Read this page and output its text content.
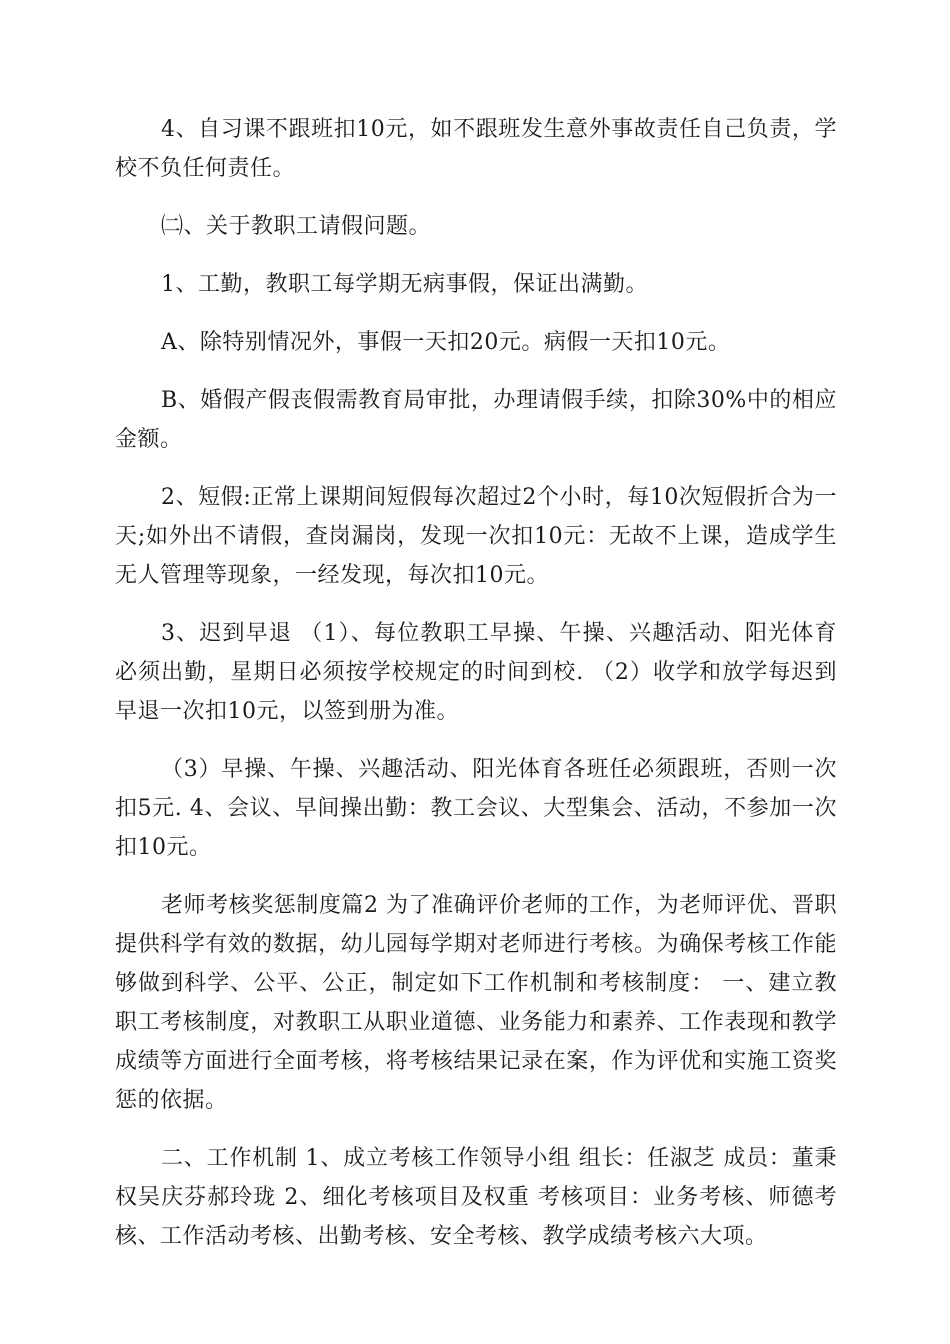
4、自习课不跟班扣10元，如不跟班发生意外事故责任自己负责，学校不负任何责任。

㈡、关于教职工请假问题。

1、工勤，教职工每学期无病事假，保证出满勤。

A、除特别情况外，事假一天扣20元。病假一天扣10元。

B、婚假产假丧假需教育局审批，办理请假手续，扣除30%中的相应金额。

2、短假:正常上课期间短假每次超过2个小时，每10次短假折合为一天;如外出不请假，查岗漏岗，发现一次扣10元：无故不上课，造成学生无人管理等现象，一经发现，每次扣10元。

3、迟到早退 （1）、每位教职工早操、午操、兴趣活动、阳光体育必须出勤，星期日必须按学校规定的时间到校. （2）收学和放学每迟到早退一次扣10元，以签到册为准。

（3）早操、午操、兴趣活动、阳光体育各班任必须跟班，否则一次扣5元. 4、会议、早间操出勤：教工会议、大型集会、活动，不参加一次扣10元。

老师考核奖惩制度篇2 为了准确评价老师的工作，为老师评优、晋职提供科学有效的数据，幼儿园每学期对老师进行考核。为确保考核工作能够做到科学、公平、公正，制定如下工作机制和考核制度： 一、建立教职工考核制度，对教职工从职业道德、业务能力和素养、工作表现和教学成绩等方面进行全面考核，将考核结果记录在案，作为评优和实施工资奖惩的依据。

二、工作机制 1、成立考核工作领导小组 组长：任淑芝 成员：董秉权吴庆芬郝玲珑 2、细化考核项目及权重 考核项目：业务考核、师德考核、工作活动考核、出勤考核、安全考核、教学成绩考核六大项。
